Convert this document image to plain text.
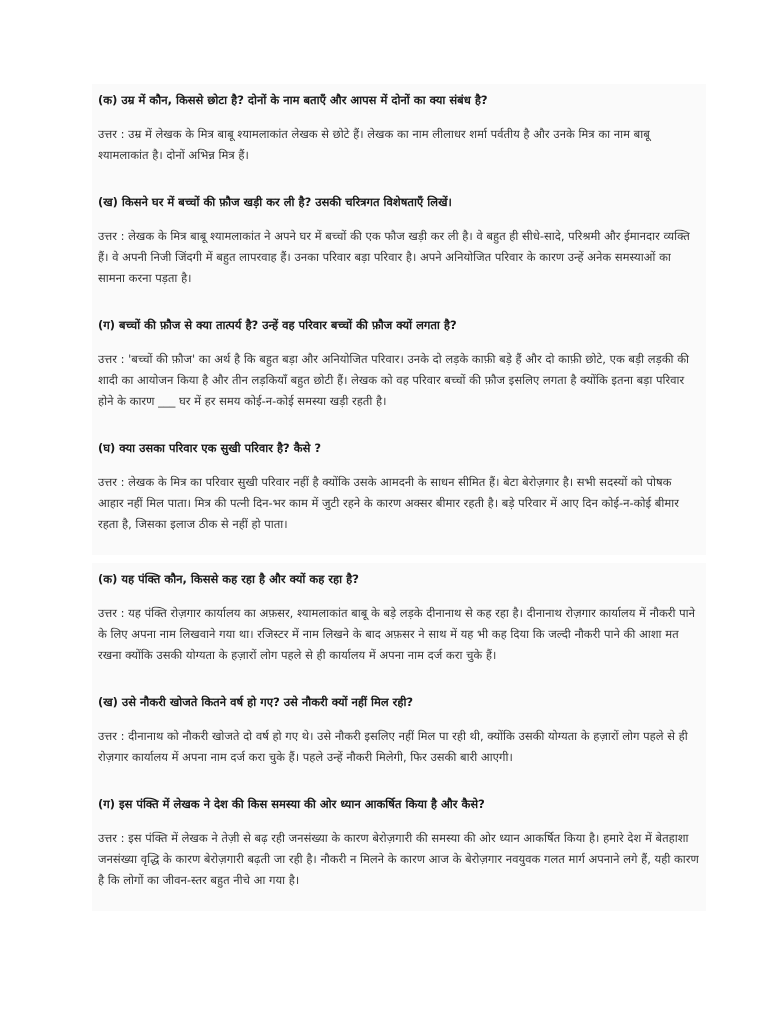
(क) उम्र में कौन, किससे छोटा है? दोनों के नाम बताएँ और आपस में दोनों का क्या संबंध है?

उत्तर : उम्र में लेखक के मित्र बाबू श्यामलाकांत लेखक से छोटे हैं। लेखक का नाम लीलाधर शर्मा पर्वतीय है और उनके मित्र का नाम बाबू श्यामलाकांत है। दोनों अभिन्न मित्र हैं।

(ख) किसने घर में बच्चों की फ़ौज खड़ी कर ली है? उसकी चरित्रगत विशेषताएँ लिखें।

उत्तर : लेखक के मित्र बाबू श्यामलाकांत ने अपने घर में बच्चों की एक फौज खड़ी कर ली है। वे बहुत ही सीधे-सादे, परिश्रमी और ईमानदार व्यक्ति हैं। वे अपनी निजी जिंदगी में बहुत लापरवाह हैं। उनका परिवार बड़ा परिवार है। अपने अनियोजित परिवार के कारण उन्हें अनेक समस्याओं का सामना करना पड़ता है।

(ग) बच्चों की फ़ौज से क्या तात्पर्य है? उन्हें वह परिवार बच्चों की फ़ौज क्यों लगता है?

उत्तर : 'बच्चों की फ़ौज' का अर्थ है कि बहुत बड़ा और अनियोजित परिवार। उनके दो लड़के काफ़ी बड़े हैं और दो काफ़ी छोटे, एक बड़ी लड़की की शादी का आयोजन किया है और तीन लड़कियाँ बहुत छोटी हैं। लेखक को वह परिवार बच्चों की फ़ौज इसलिए लगता है क्योंकि इतना बड़ा परिवार होने के कारण ___ घर में हर समय कोई-न-कोई समस्या खड़ी रहती है।

(घ) क्या उसका परिवार एक सुखी परिवार है? कैसे ?

उत्तर : लेखक के मित्र का परिवार सुखी परिवार नहीं है क्योंकि उसके आमदनी के साधन सीमित हैं। बेटा बेरोज़गार है। सभी सदस्यों को पोषक आहार नहीं मिल पाता। मित्र की पत्नी दिन-भर काम में जुटी रहने के कारण अक्सर बीमार रहती है। बड़े परिवार में आए दिन कोई-न-कोई बीमार रहता है, जिसका इलाज ठीक से नहीं हो पाता।

(क) यह पंक्ति कौन, किससे कह रहा है और क्यों कह रहा है?

उत्तर : यह पंक्ति रोज़गार कार्यालय का अफ़सर, श्यामलाकांत बाबू के बड़े लड़के दीनानाथ से कह रहा है। दीनानाथ रोज़गार कार्यालय में नौकरी पाने के लिए अपना नाम लिखवाने गया था। रजिस्टर में नाम लिखने के बाद अफ़सर ने साथ में यह भी कह दिया कि जल्दी नौकरी पाने की आशा मत रखना क्योंकि उसकी योग्यता के हज़ारों लोग पहले से ही कार्यालय में अपना नाम दर्ज करा चुके हैं।

(ख) उसे नौकरी खोजते कितने वर्ष हो गए? उसे नौकरी क्यों नहीं मिल रही?

उत्तर : दीनानाथ को नौकरी खोजते दो वर्ष हो गए थे। उसे नौकरी इसलिए नहीं मिल पा रही थी, क्योंकि उसकी योग्यता के हज़ारों लोग पहले से ही रोज़गार कार्यालय में अपना नाम दर्ज करा चुके हैं। पहले उन्हें नौकरी मिलेगी, फिर उसकी बारी आएगी।

(ग) इस पंक्ति में लेखक ने देश की किस समस्या की ओर ध्यान आकर्षित किया है और कैसे?

उत्तर : इस पंक्ति में लेखक ने तेज़ी से बढ़ रही जनसंख्या के कारण बेरोज़गारी की समस्या की ओर ध्यान आकर्षित किया है। हमारे देश में बेतहाशा जनसंख्या वृद्धि के कारण बेरोज़गारी बढ़ती जा रही है। नौकरी न मिलने के कारण आज के बेरोज़गार नवयुवक गलत मार्ग अपनाने लगे हैं, यही कारण है कि लोगों का जीवन-स्तर बहुत नीचे आ गया है।
